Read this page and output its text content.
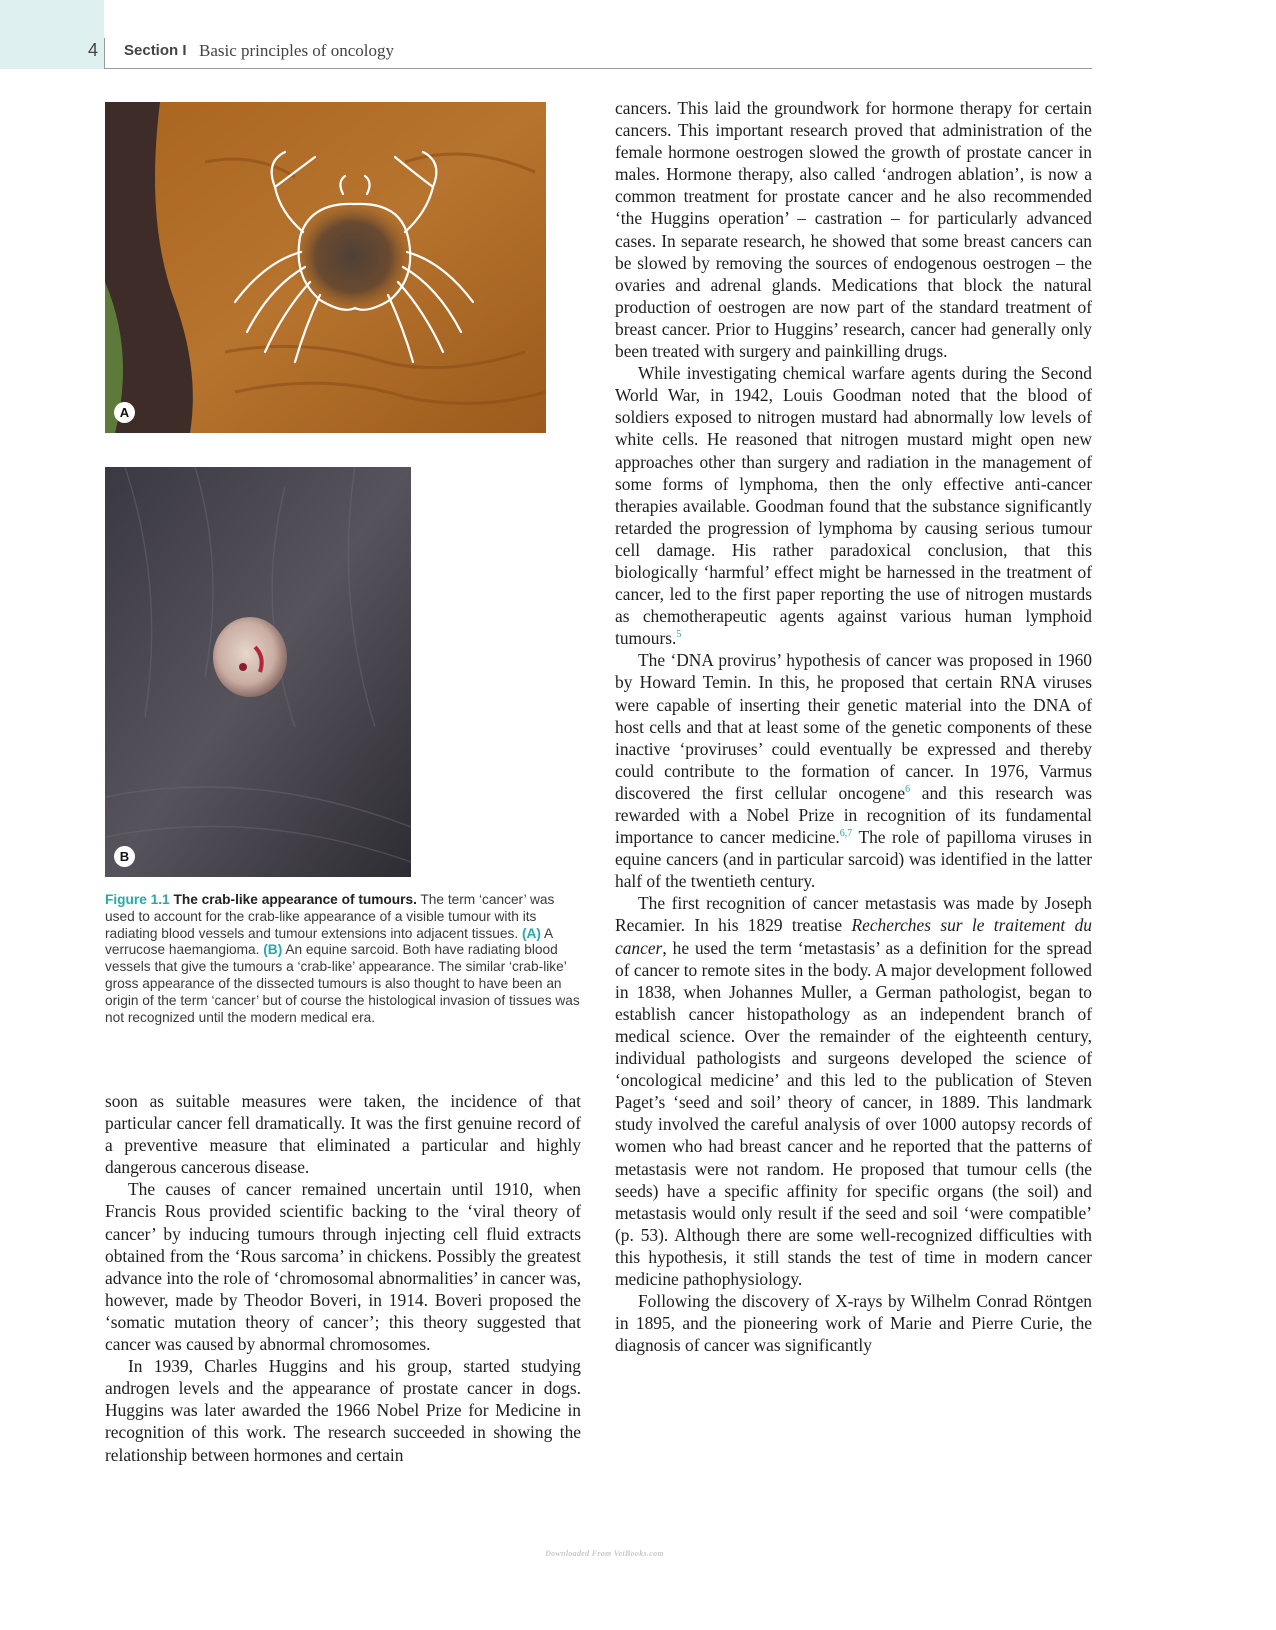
4 Section I Basic principles of oncology
A
B
Figure 1.1 The crab-like appearance of tumours. The term ‘cancer’ was used to account for the crab-like appearance of a visible tumour with its radiating blood vessels and tumour extensions into adjacent tissues. (A) A verrucose haemangioma. (B) An equine sarcoid. Both have radiating blood vessels that give the tumours a ‘crab-like’ appearance. The similar ‘crab-like’ gross appearance of the dissected tumours is also thought to have been an origin of the term ‘cancer’ but of course the histological invasion of tissues was not recognized until the modern medical era.

soon as suitable measures were taken, the incidence of that particular cancer fell dramatically. It was the first genuine record of a preventive measure that eliminated a particular and highly dangerous cancerous disease.

The causes of cancer remained uncertain until 1910, when Francis Rous provided scientific backing to the ‘viral theory of cancer’ by inducing tumours through injecting cell fluid extracts obtained from the ‘Rous sarcoma’ in chickens. Possibly the greatest advance into the role of ‘chromosomal abnormalities’ in cancer was, however, made by Theodor Boveri, in 1914. Boveri proposed the ‘somatic mutation theory of cancer’; this theory suggested that cancer was caused by abnormal chromosomes.

In 1939, Charles Huggins and his group, started studying androgen levels and the appearance of prostate cancer in dogs. Huggins was later awarded the 1966 Nobel Prize for Medicine in recognition of this work. The research succeeded in showing the relationship between hormones and certain

cancers. This laid the groundwork for hormone therapy for certain cancers. This important research proved that administration of the female hormone oestrogen slowed the growth of prostate cancer in males. Hormone therapy, also called ‘androgen ablation’, is now a common treatment for prostate cancer and he also recommended ‘the Huggins operation’ – castration – for particularly advanced cases. In separate research, he showed that some breast cancers can be slowed by removing the sources of endogenous oestrogen – the ovaries and adrenal glands. Medications that block the natural production of oestrogen are now part of the standard treatment of breast cancer. Prior to Huggins’ research, cancer had generally only been treated with surgery and painkilling drugs.

While investigating chemical warfare agents during the Second World War, in 1942, Louis Goodman noted that the blood of soldiers exposed to nitrogen mustard had abnormally low levels of white cells. He reasoned that nitrogen mustard might open new approaches other than surgery and radiation in the management of some forms of lymphoma, then the only effective anti-cancer therapies available. Goodman found that the substance significantly retarded the progression of lymphoma by causing serious tumour cell damage. His rather paradoxical conclusion, that this biologically ‘harmful’ effect might be harnessed in the treatment of cancer, led to the first paper reporting the use of nitrogen mustards as chemotherapeutic agents against various human lymphoid tumours.$^5$

The ‘DNA provirus’ hypothesis of cancer was proposed in 1960 by Howard Temin. In this, he proposed that certain RNA viruses were capable of inserting their genetic material into the DNA of host cells and that at least some of the genetic components of these inactive ‘proviruses’ could eventually be expressed and thereby could contribute to the formation of cancer. In 1976, Varmus discovered the first cellular oncogene$^6$ and this research was rewarded with a Nobel Prize in recognition of its fundamental importance to cancer medicine.$^{6,7}$ The role of papilloma viruses in equine cancers (and in particular sarcoid) was identified in the latter half of the twentieth century.

The first recognition of cancer metastasis was made by Joseph Recamier. In his 1829 treatise Recherches sur le traitement du cancer, he used the term ‘metastasis’ as a definition for the spread of cancer to remote sites in the body. A major development followed in 1838, when Johannes Muller, a German pathologist, began to establish cancer histopathology as an independent branch of medical science. Over the remainder of the eighteenth century, individual pathologists and surgeons developed the science of ‘oncological medicine’ and this led to the publication of Steven Paget’s ‘seed and soil’ theory of cancer, in 1889. This landmark study involved the careful analysis of over 1000 autopsy records of women who had breast cancer and he reported that the patterns of metastasis were not random. He proposed that tumour cells (the seeds) have a specific affinity for specific organs (the soil) and metastasis would only result if the seed and soil ‘were compatible’ (p. 53). Although there are some well-recognized difficulties with this hypothesis, it still stands the test of time in modern cancer medicine pathophysiology.

Following the discovery of X-rays by Wilhelm Conrad Röntgen in 1895, and the pioneering work of Marie and Pierre Curie, the diagnosis of cancer was significantly

Downloaded From VetBooks.com
